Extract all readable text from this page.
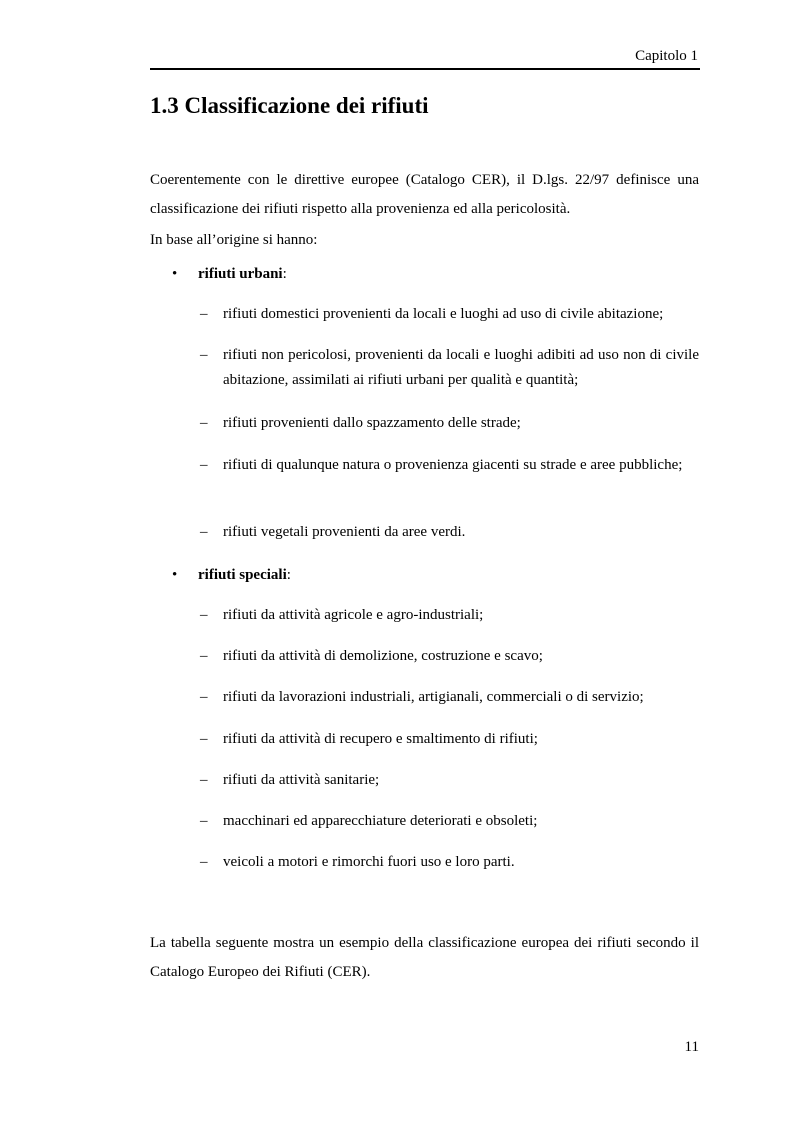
Capitolo 1
1.3 Classificazione dei rifiuti

Coerentemente con le direttive europee (Catalogo CER), il D.lgs. 22/97 definisce una classificazione dei rifiuti rispetto alla provenienza ed alla pericolosità.

In base all’origine si hanno:

• rifiuti urbani:
– rifiuti domestici provenienti da locali e luoghi ad uso di civile abitazione;
– rifiuti non pericolosi, provenienti da locali e luoghi adibiti ad uso non di civile abitazione, assimilati ai rifiuti urbani per qualità e quantità;
– rifiuti provenienti dallo spazzamento delle strade;
– rifiuti di qualunque natura o provenienza giacenti su strade e aree pubbliche;
– rifiuti vegetali provenienti da aree verdi.
• rifiuti speciali:
– rifiuti da attività agricole e agro-industriali;
– rifiuti da attività di demolizione, costruzione e scavo;
– rifiuti da lavorazioni industriali, artigianali, commerciali o di servizio;
– rifiuti da attività di recupero e smaltimento di rifiuti;
– rifiuti da attività sanitarie;
– macchinari ed apparecchiature deteriorati e obsoleti;
– veicoli a motori e rimorchi fuori uso e loro parti.

La tabella seguente mostra un esempio della classificazione europea dei rifiuti secondo il Catalogo Europeo dei Rifiuti (CER).

11
